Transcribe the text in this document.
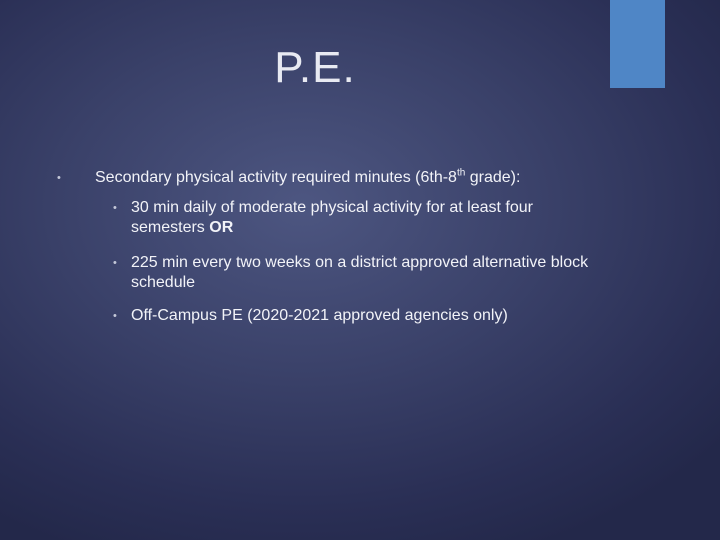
P.E.
• Secondary physical activity required minutes (6th-8th grade):
• 30 min daily of moderate physical activity for at least four semesters OR
• 225 min every two weeks on a district approved alternative block schedule
• Off-Campus PE (2020-2021 approved agencies only)
